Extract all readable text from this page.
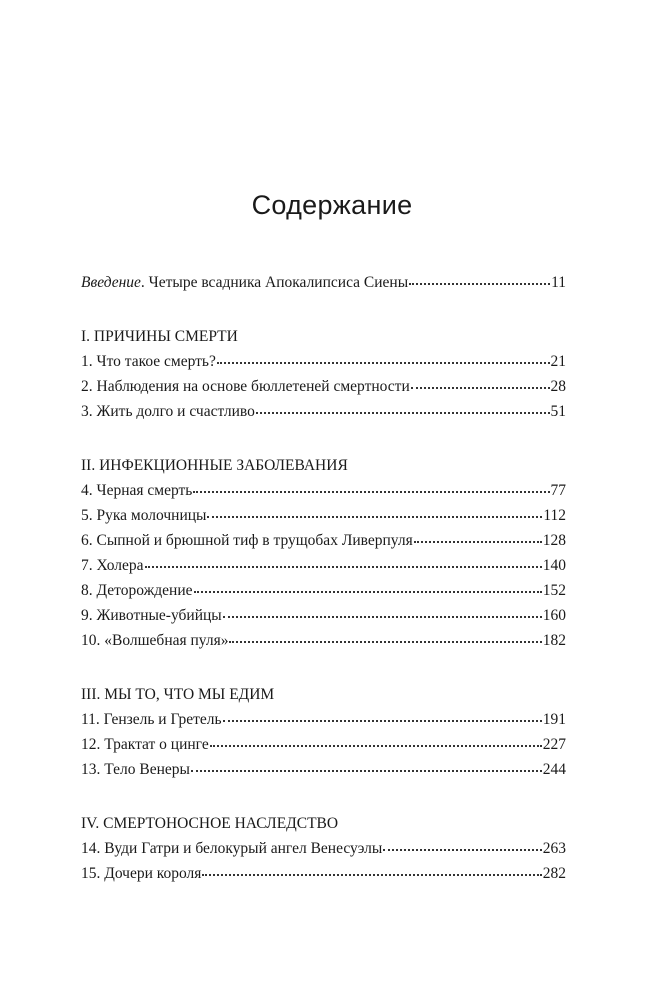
Содержание
Введение. Четыре всадника Апокалипсиса Сиены	11
I. ПРИЧИНЫ СМЕРТИ
1. Что такое смерть?	21
2. Наблюдения на основе бюллетеней смертности	28
3. Жить долго и счастливо	51
II. ИНФЕКЦИОННЫЕ ЗАБОЛЕВАНИЯ
4. Черная смерть	77
5. Рука молочницы	112
6. Сыпной и брюшной тиф в трущобах Ливерпуля	128
7. Холера	140
8. Деторождение	152
9. Животные-убийцы	160
10. «Волшебная пуля»	182
III. МЫ ТО, ЧТО МЫ ЕДИМ
11. Гензель и Гретель	191
12. Трактат о цинге	227
13. Тело Венеры	244
IV. СМЕРТОНОСНОЕ НАСЛЕДСТВО
14. Вуди Гатри и белокурый ангел Венесуэлы	263
15. Дочери короля	282
